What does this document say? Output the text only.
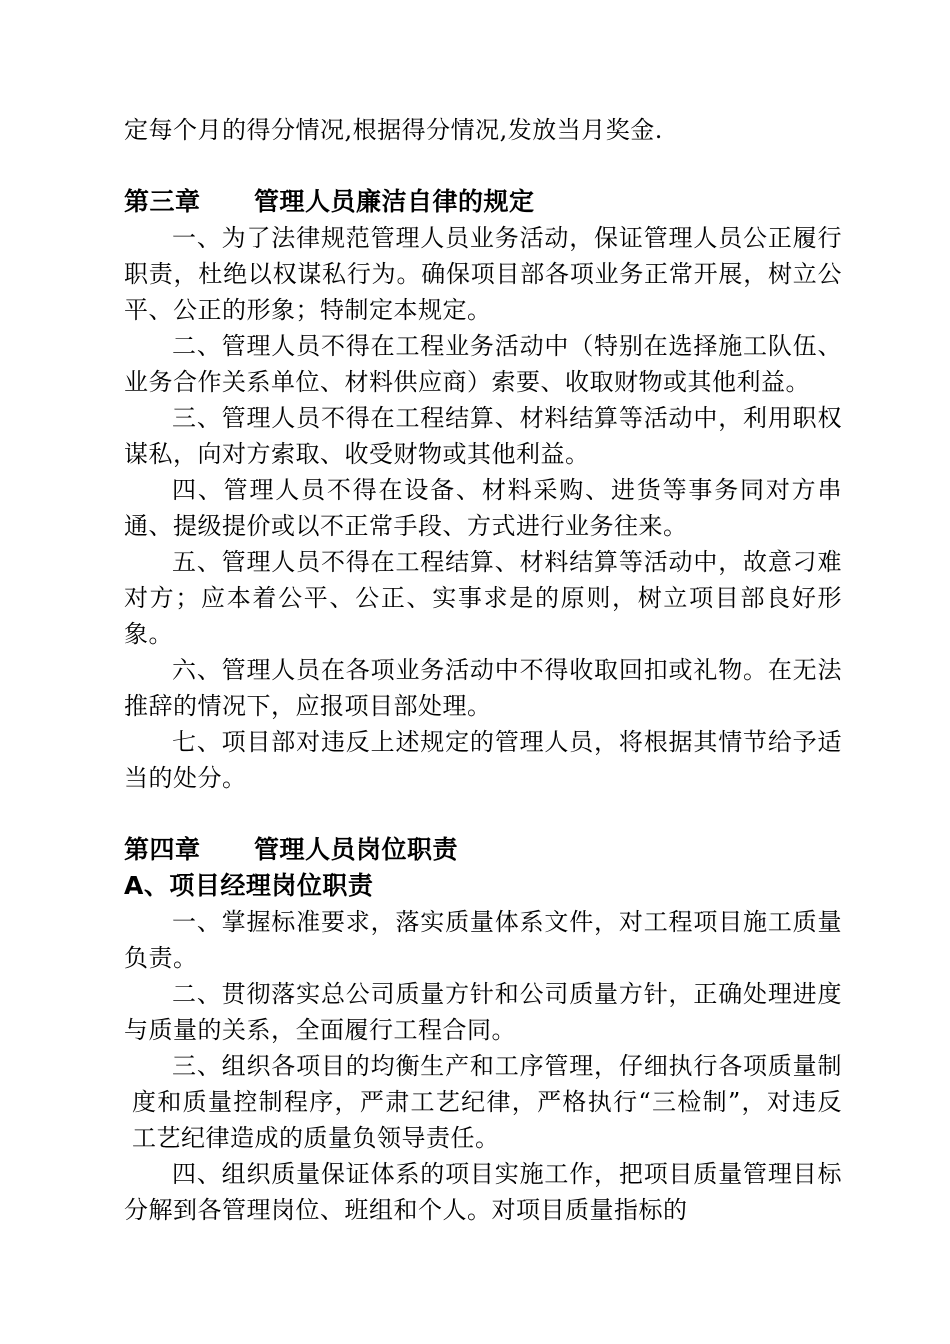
定每个月的得分情况,根据得分情况,发放当月奖金.

第三章 管理人员廉洁自律的规定

一、为了法律规范管理人员业务活动，保证管理人员公正履行职责，杜绝以权谋私行为。确保项目部各项业务正常开展，树立公平、公正的形象；特制定本规定。

二、管理人员不得在工程业务活动中（特别在选择施工队伍、业务合作关系单位、材料供应商）索要、收取财物或其他利益。

三、管理人员不得在工程结算、材料结算等活动中，利用职权谋私，向对方索取、收受财物或其他利益。

四、管理人员不得在设备、材料采购、进货等事务同对方串通、提级提价或以不正常手段、方式进行业务往来。

五、管理人员不得在工程结算、材料结算等活动中，故意刁难对方；应本着公平、公正、实事求是的原则，树立项目部良好形象。

六、管理人员在各项业务活动中不得收取回扣或礼物。在无法推辞的情况下，应报项目部处理。

七、项目部对违反上述规定的管理人员，将根据其情节给予适当的处分。

第四章 管理人员岗位职责
A、项目经理岗位职责

一、掌握标准要求，落实质量体系文件，对工程项目施工质量负责。

二、贯彻落实总公司质量方针和公司质量方针，正确处理进度与质量的关系，全面履行工程合同。

三、组织各项目的均衡生产和工序管理，仔细执行各项质量制度和质量控制程序，严肃工艺纪律，严格执行“三检制”，对违反工艺纪律造成的质量负领导责任。

四、组织质量保证体系的项目实施工作，把项目质量管理目标分解到各管理岗位、班组和个人。对项目质量指标的
